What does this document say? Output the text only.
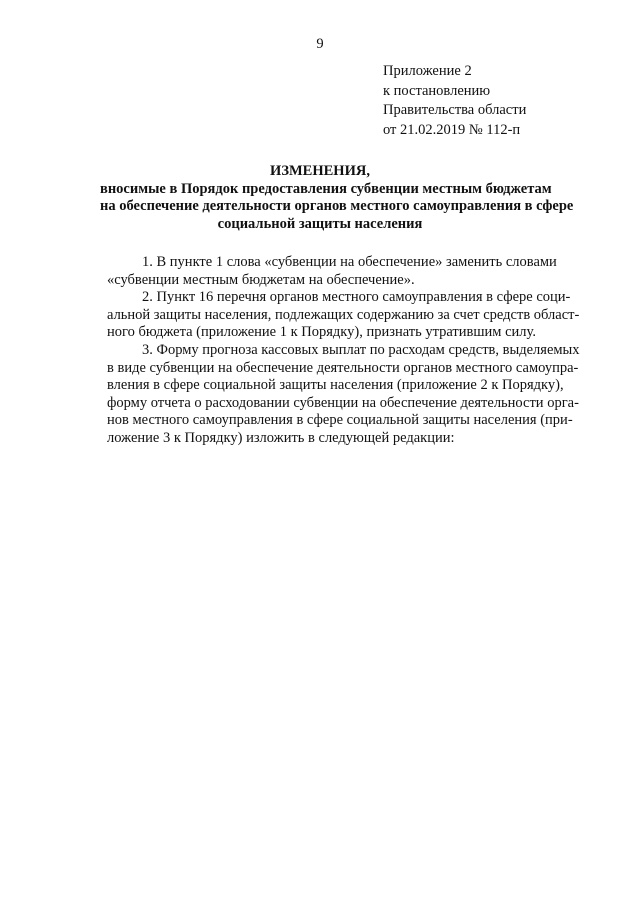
9
Приложение 2
к постановлению
Правительства области
от 21.02.2019 № 112-п
ИЗМЕНЕНИЯ,
вносимые в Порядок предоставления субвенции местным бюджетам
на обеспечение деятельности органов местного самоуправления в сфере
социальной защиты населения
1. В пункте 1 слова «субвенции на обеспечение» заменить словами
«субвенции местным бюджетам на обеспечение».
2. Пункт 16 перечня органов местного самоуправления в сфере соци-
альной защиты населения, подлежащих содержанию за счет средств област-
ного бюджета (приложение 1 к Порядку), признать утратившим силу.
3. Форму прогноза кассовых выплат по расходам средств, выделяемых
в виде субвенции на обеспечение деятельности органов местного самоупра-
вления в сфере социальной защиты населения (приложение 2 к Порядку),
форму отчета о расходовании субвенции на обеспечение деятельности орга-
нов местного самоуправления в сфере социальной защиты населения (при-
ложение 3 к Порядку) изложить в следующей редакции:
